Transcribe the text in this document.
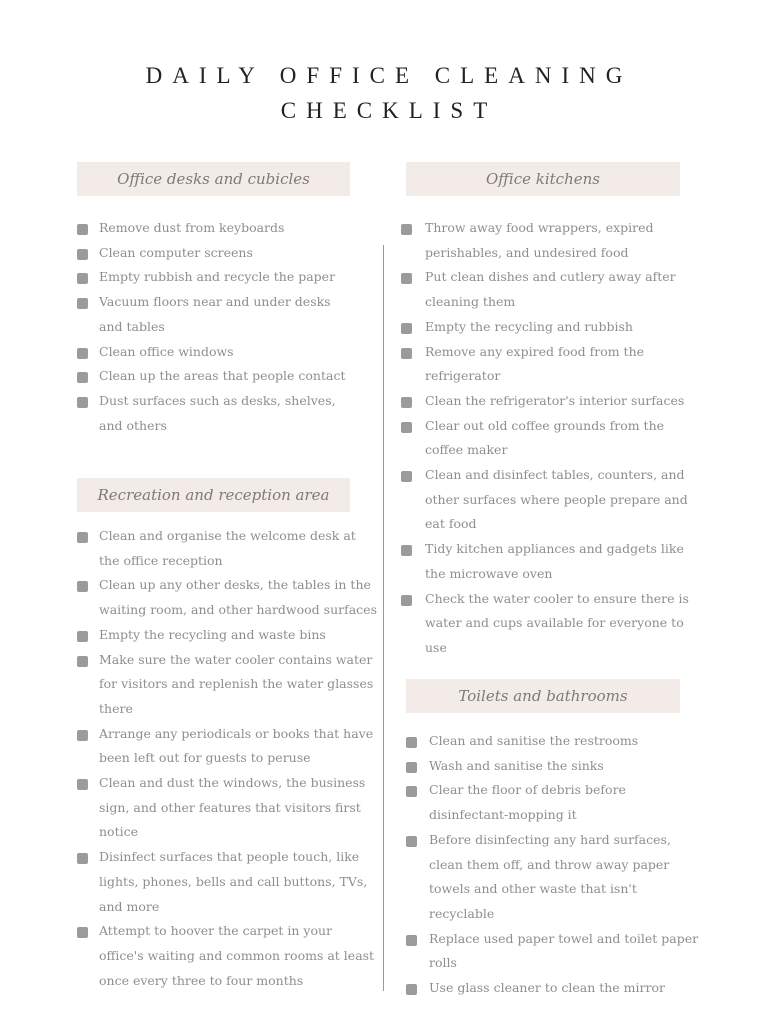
DAILY OFFICE CLEANING
CHECKLIST
Office desks and cubicles
Remove dust from keyboards
Clean computer screens
Empty rubbish and recycle the paper
Vacuum floors near and under desks and tables
Clean office windows
Clean up the areas that people contact
Dust surfaces such as desks, shelves, and others
Recreation and reception area
Clean and organise the welcome desk at the office reception
Clean up any other desks, the tables in the waiting room, and other hardwood surfaces
Empty the recycling and waste bins
Make sure the water cooler contains water for visitors and replenish the water glasses there
Arrange any periodicals or books that have been left out for guests to peruse
Clean and dust the windows, the business sign, and other features that visitors first notice
Disinfect surfaces that people touch, like lights, phones, bells and call buttons, TVs, and more
Attempt to hoover the carpet in your office's waiting and common rooms at least once every three to four months
Office kitchens
Throw away food wrappers, expired perishables, and undesired food
Put clean dishes and cutlery away after cleaning them
Empty the recycling and rubbish
Remove any expired food from the refrigerator
Clean the refrigerator's interior surfaces
Clear out old coffee grounds from the coffee maker
Clean and disinfect tables, counters, and other surfaces where people prepare and eat food
Tidy kitchen appliances and gadgets like the microwave oven
Check the water cooler to ensure there is water and cups available for everyone to use
Toilets and bathrooms
Clean and sanitise the restrooms
Wash and sanitise the sinks
Clear the floor of debris before disinfectant-mopping it
Before disinfecting any hard surfaces, clean them off, and throw away paper towels and other waste that isn't recyclable
Replace used paper towel and toilet paper rolls
Use glass cleaner to clean the mirror
